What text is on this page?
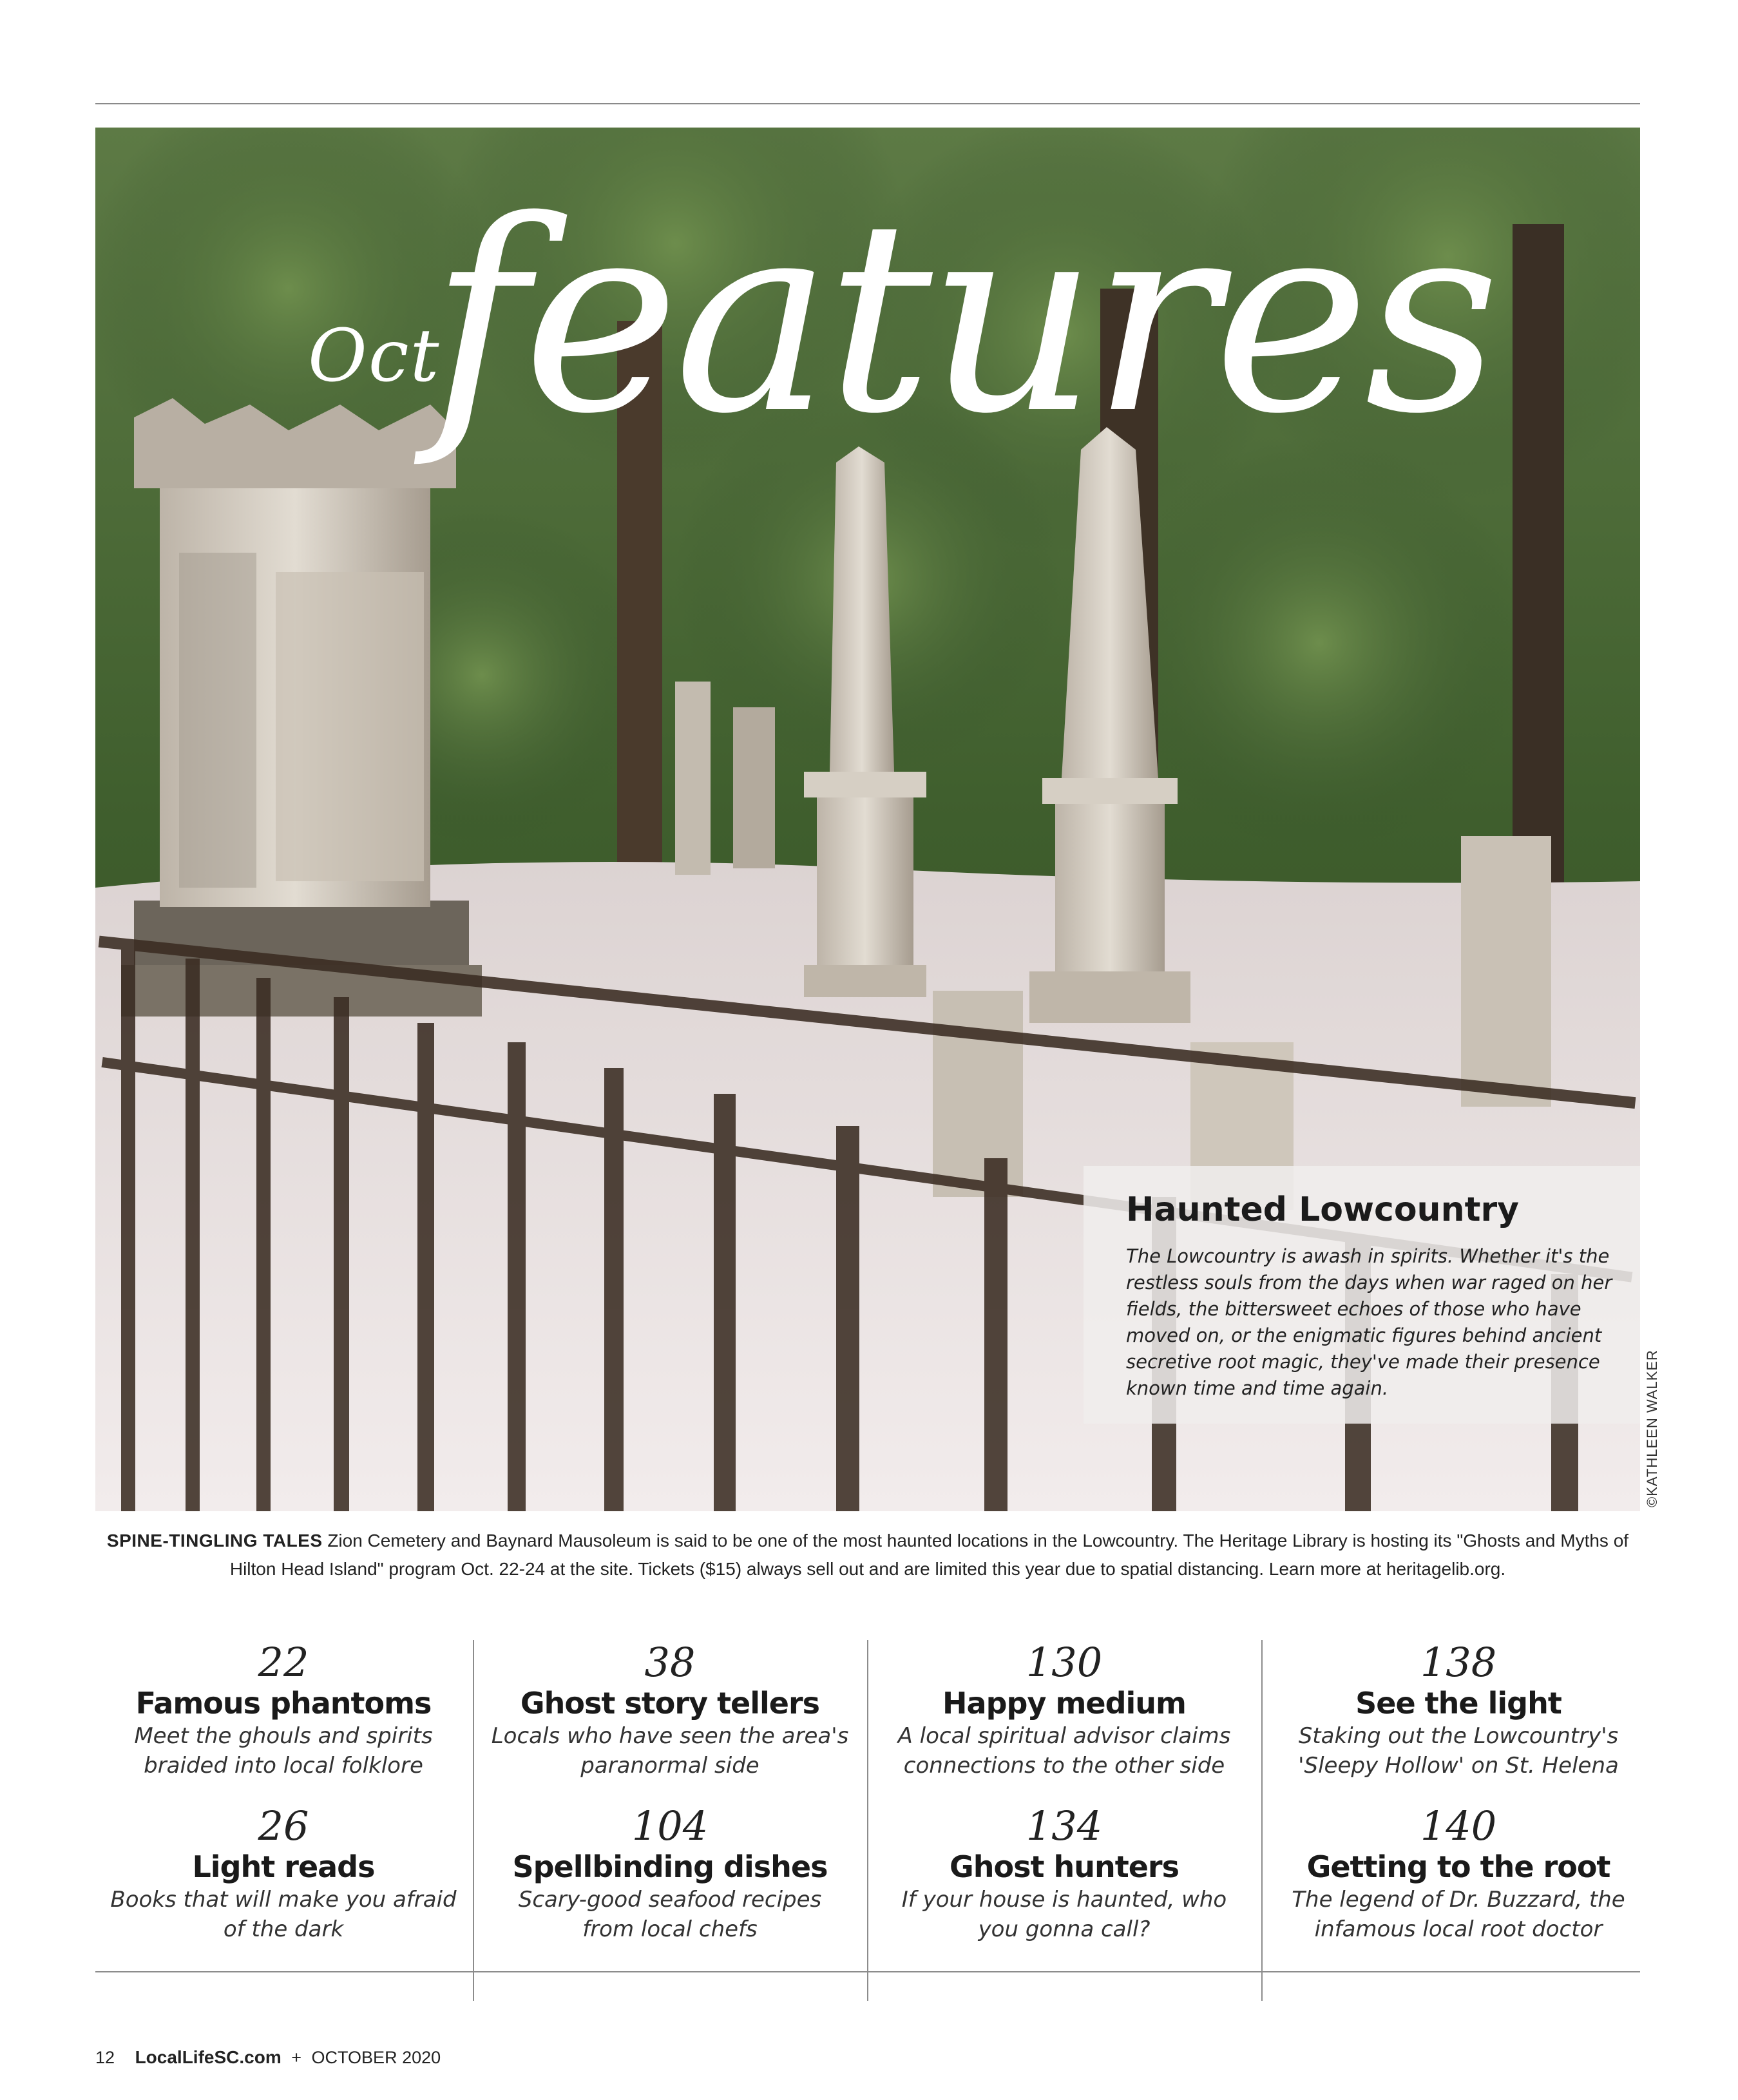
Oct
features
Haunted Lowcountry

The Lowcountry is awash in spirits. Whether it's the restless souls from the days when war raged on her fields, the bittersweet echoes of those who have moved on, or the enigmatic figures behind ancient secretive root magic, they've made their presence known time and time again.	©KATHLEEN WALKER
SPINE-TINGLING TALES Zion Cemetery and Baynard Mausoleum is said to be one of the most haunted locations in the Lowcountry. The Heritage Library is hosting its "Ghosts and Myths of Hilton Head Island" program Oct. 22-24 at the site. Tickets ($15) always sell out and are limited this year due to spatial distancing. Learn more at heritagelib.org.
22
Famous phantoms
Meet the ghouls and spirits braided into local folklore
38
Ghost story tellers
Locals who have seen the area's paranormal side
130
Happy medium
A local spiritual advisor claims connections to the other side
138
See the light
Staking out the Lowcountry's 'Sleepy Hollow' on St. Helena
26
Light reads
Books that will make you afraid of the dark
104
Spellbinding dishes
Scary-good seafood recipes from local chefs
134
Ghost hunters
If your house is haunted, who you gonna call?
140
Getting to the root
The legend of Dr. Buzzard, the infamous local root doctor
12 LocalLifeSC.com + OCTOBER 2020
